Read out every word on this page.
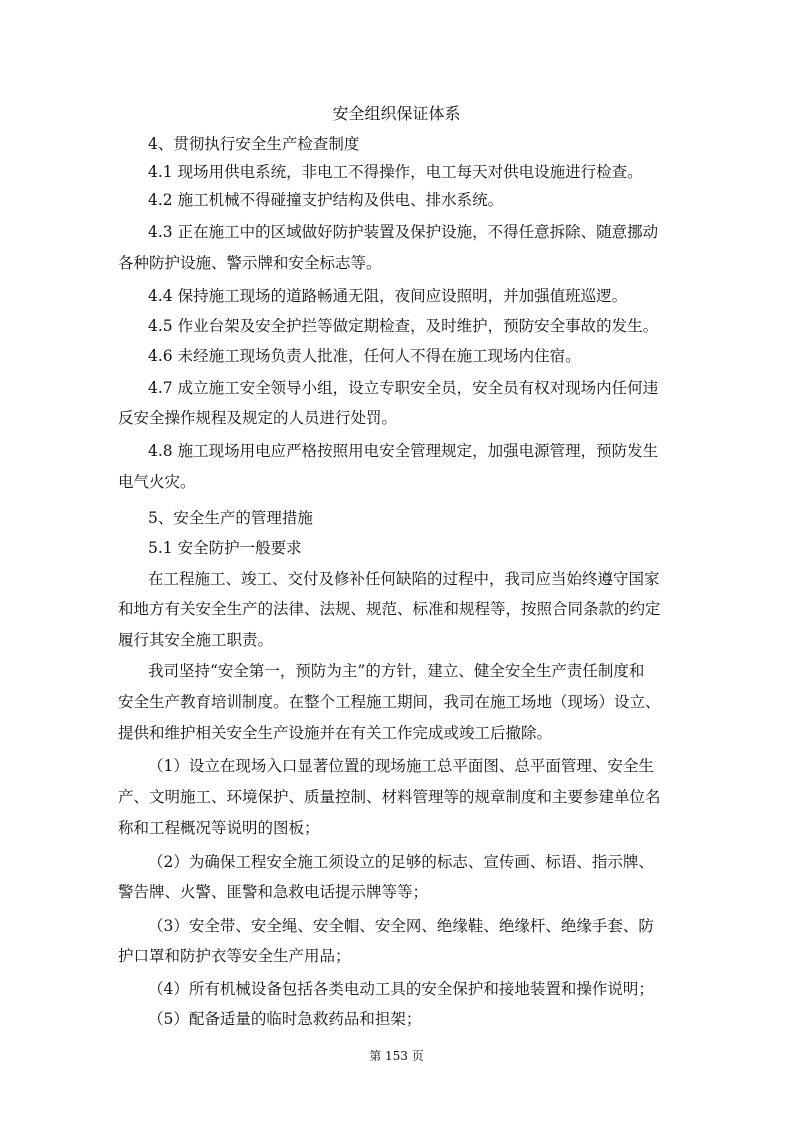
安全组织保证体系
4、贯彻执行安全生产检查制度
4.1 现场用供电系统，非电工不得操作，电工每天对供电设施进行检查。
4.2 施工机械不得碰撞支护结构及供电、排水系统。
4.3 正在施工中的区域做好防护装置及保护设施，不得任意拆除、随意挪动
各种防护设施、警示牌和安全标志等。
4.4 保持施工现场的道路畅通无阻，夜间应设照明，并加强值班巡逻。
4.5 作业台架及安全护拦等做定期检查，及时维护，预防安全事故的发生。
4.6 未经施工现场负责人批准，任何人不得在施工现场内住宿。
4.7 成立施工安全领导小组，设立专职安全员，安全员有权对现场内任何违
反安全操作规程及规定的人员进行处罚。
4.8 施工现场用电应严格按照用电安全管理规定，加强电源管理，预防发生
电气火灾。
5、安全生产的管理措施
5.1 安全防护一般要求
在工程施工、竣工、交付及修补任何缺陷的过程中，我司应当始终遵守国家
和地方有关安全生产的法律、法规、规范、标准和规程等，按照合同条款的约定
履行其安全施工职责。
我司坚持“安全第一，预防为主”的方针，建立、健全安全生产责任制度和
安全生产教育培训制度。在整个工程施工期间，我司在施工场地（现场）设立、
提供和维护相关安全生产设施并在有关工作完成或竣工后撤除。
（1）设立在现场入口显著位置的现场施工总平面图、总平面管理、安全生
产、文明施工、环境保护、质量控制、材料管理等的规章制度和主要参建单位名
称和工程概况等说明的图板；
（2）为确保工程安全施工须设立的足够的标志、宣传画、标语、指示牌、
警告牌、火警、匪警和急救电话提示牌等等；
（3）安全带、安全绳、安全帽、安全网、绝缘鞋、绝缘杆、绝缘手套、防
护口罩和防护衣等安全生产用品；
（4）所有机械设备包括各类电动工具的安全保护和接地装置和操作说明；
（5）配备适量的临时急救药品和担架；
第 153 页
